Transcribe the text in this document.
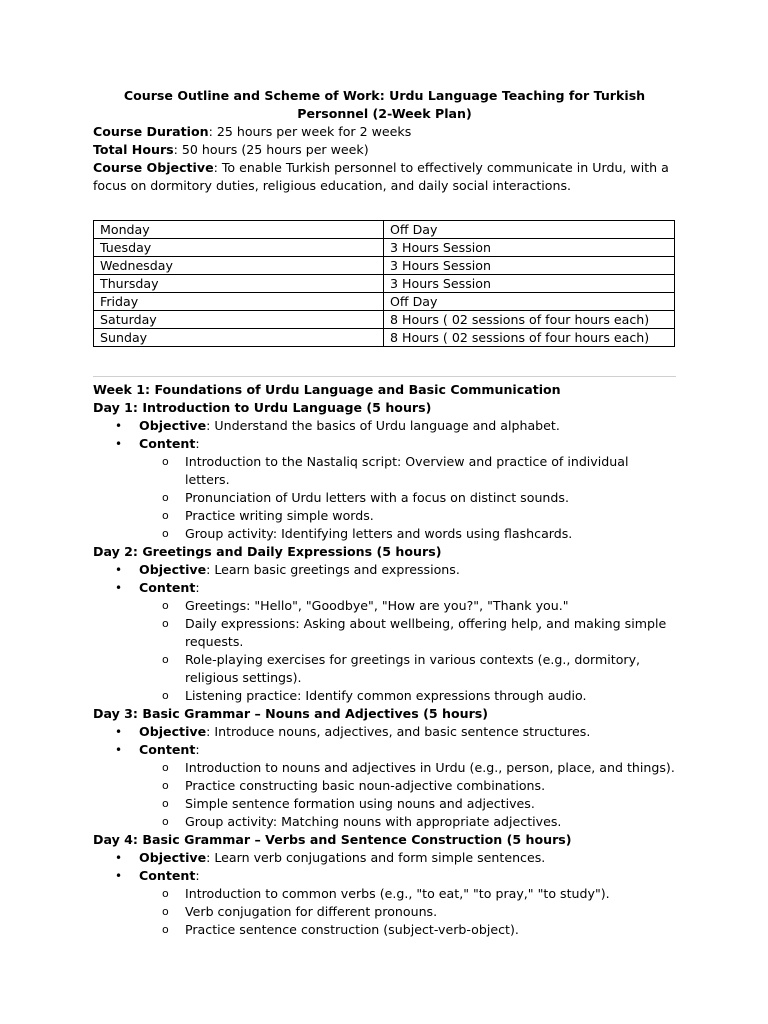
Course Outline and Scheme of Work: Urdu Language Teaching for Turkish Personnel (2-Week Plan)

Course Duration: 25 hours per week for 2 weeks

Total Hours: 50 hours (25 hours per week)

Course Objective: To enable Turkish personnel to effectively communicate in Urdu, with a focus on dormitory duties, religious education, and daily social interactions.

Monday	Off Day
Tuesday	3 Hours Session
Wednesday	3 Hours Session
Thursday	3 Hours Session
Friday	Off Day
Saturday	8 Hours ( 02 sessions of four hours each)
Sunday	8 Hours ( 02 sessions of four hours each)

Week 1: Foundations of Urdu Language and Basic Communication

Day 1: Introduction to Urdu Language (5 hours)

• Objective: Understand the basics of Urdu language and alphabet.
• Content:
o Introduction to the Nastaliq script: Overview and practice of individual letters.
o Pronunciation of Urdu letters with a focus on distinct sounds.
o Practice writing simple words.
o Group activity: Identifying letters and words using flashcards.

Day 2: Greetings and Daily Expressions (5 hours)

• Objective: Learn basic greetings and expressions.
• Content:
o Greetings: "Hello", "Goodbye", "How are you?", "Thank you."
o Daily expressions: Asking about wellbeing, offering help, and making simple requests.
o Role-playing exercises for greetings in various contexts (e.g., dormitory, religious settings).
o Listening practice: Identify common expressions through audio.

Day 3: Basic Grammar – Nouns and Adjectives (5 hours)

• Objective: Introduce nouns, adjectives, and basic sentence structures.
• Content:
o Introduction to nouns and adjectives in Urdu (e.g., person, place, and things).
o Practice constructing basic noun-adjective combinations.
o Simple sentence formation using nouns and adjectives.
o Group activity: Matching nouns with appropriate adjectives.

Day 4: Basic Grammar – Verbs and Sentence Construction (5 hours)

• Objective: Learn verb conjugations and form simple sentences.
• Content:
o Introduction to common verbs (e.g., "to eat," "to pray," "to study").
o Verb conjugation for different pronouns.
o Practice sentence construction (subject-verb-object).
